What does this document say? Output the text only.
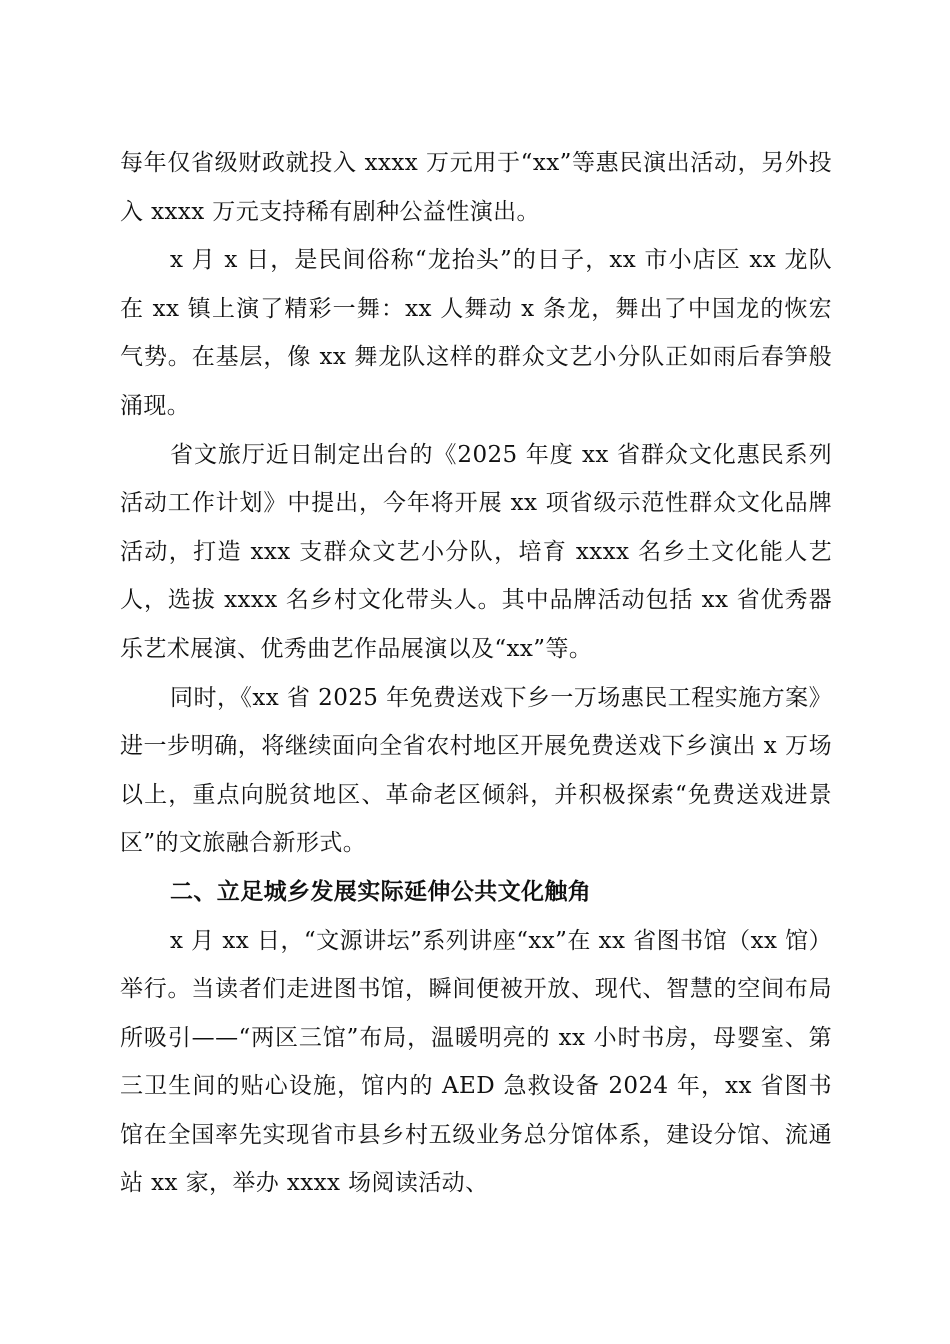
每年仅省级财政就投入 xxxx 万元用于“xx”等惠民演出活动，另外投入 xxxx 万元支持稀有剧种公益性演出。

x 月 x 日，是民间俗称“龙抬头”的日子，xx 市小店区 xx 龙队在 xx 镇上演了精彩一舞：xx 人舞动 x 条龙，舞出了中国龙的恢宏气势。在基层，像 xx 舞龙队这样的群众文艺小分队正如雨后春笋般涌现。

省文旅厅近日制定出台的《2025 年度 xx 省群众文化惠民系列活动工作计划》中提出，今年将开展 xx 项省级示范性群众文化品牌活动，打造 xxx 支群众文艺小分队，培育 xxxx 名乡土文化能人艺人，选拔 xxxx 名乡村文化带头人。其中品牌活动包括 xx 省优秀器乐艺术展演、优秀曲艺作品展演以及“xx”等。

同时，《xx 省 2025 年免费送戏下乡一万场惠民工程实施方案》进一步明确，将继续面向全省农村地区开展免费送戏下乡演出 x 万场以上，重点向脱贫地区、革命老区倾斜，并积极探索“免费送戏进景区”的文旅融合新形式。

二、立足城乡发展实际延伸公共文化触角

x 月 xx 日，“文源讲坛”系列讲座“xx”在 xx 省图书馆（xx 馆）举行。当读者们走进图书馆，瞬间便被开放、现代、智慧的空间布局所吸引——“两区三馆”布局，温暖明亮的 xx 小时书房，母婴室、第三卫生间的贴心设施，馆内的 AED 急救设备 2024 年，xx 省图书馆在全国率先实现省市县乡村五级业务总分馆体系，建设分馆、流通站 xx 家，举办 xxxx 场阅读活动、
